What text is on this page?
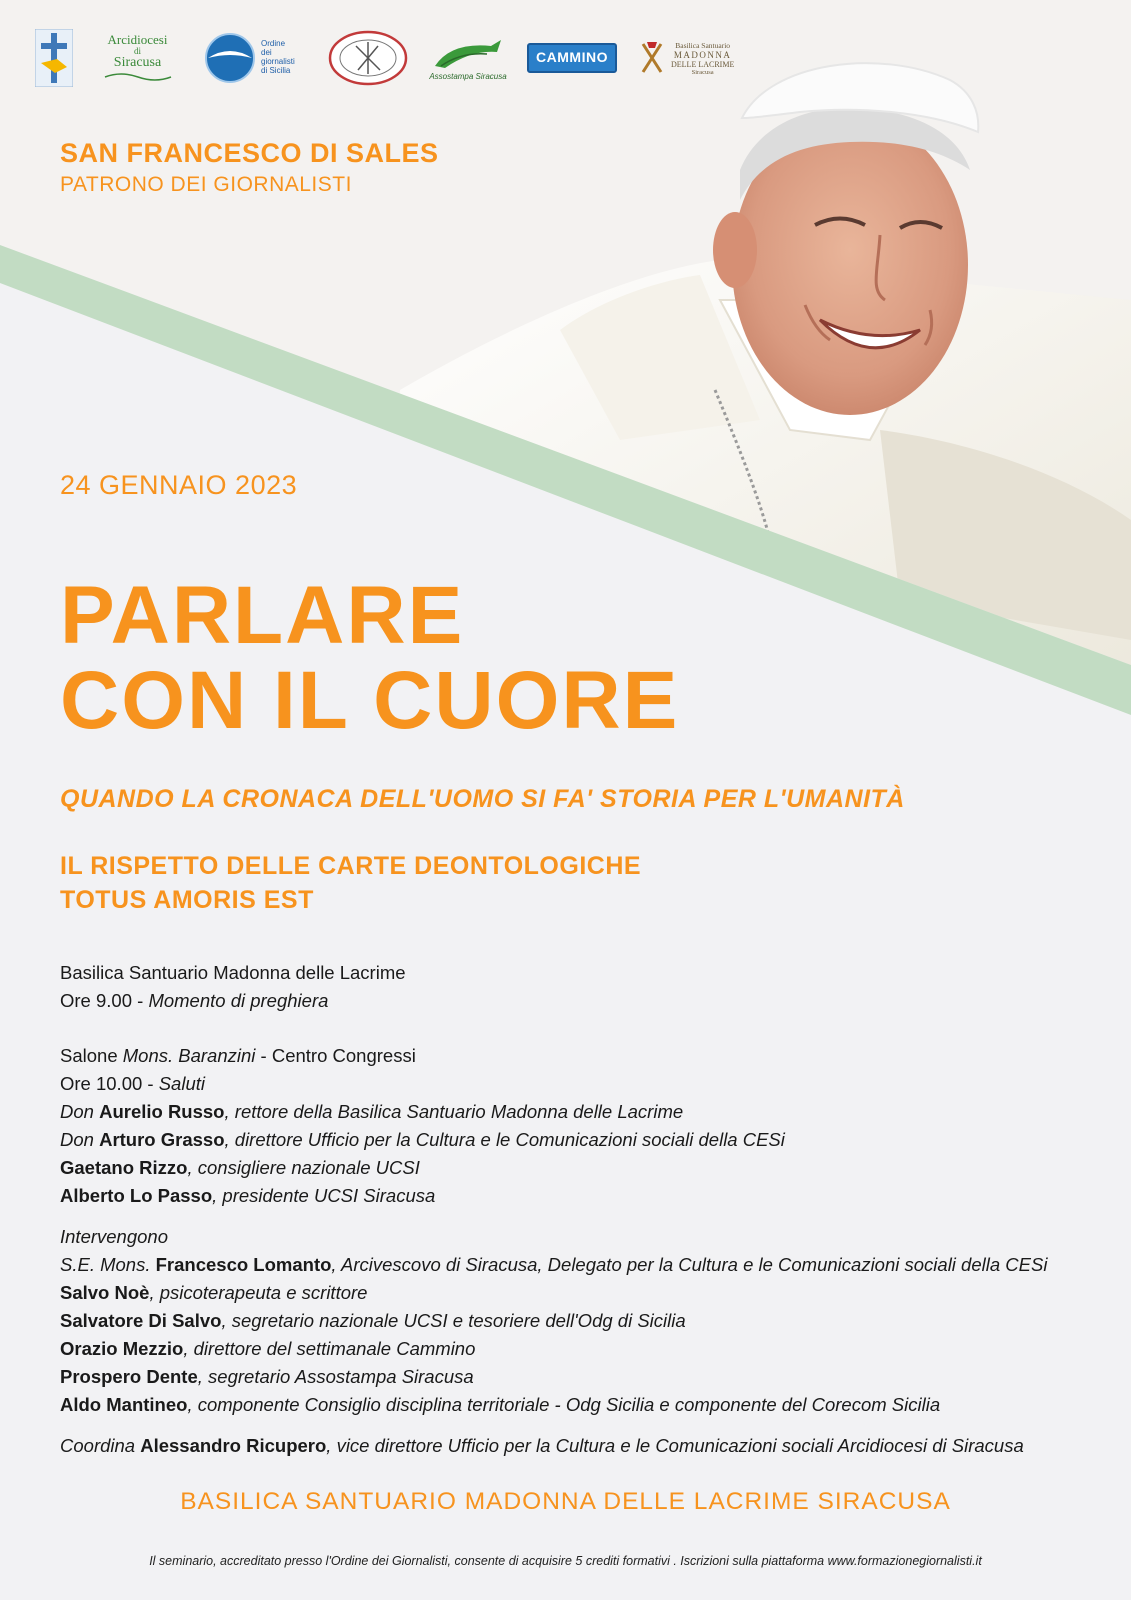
Arcidiocesi
di
Siracusa
Ordine
dei
giornalisti
di Sicilia
Assostampa Siracusa
CAMMINO
Basilica Santuario
MADONNA
DELLE LACRIME
Siracusa
SAN FRANCESCO DI SALES
PATRONO DEI GIORNALISTI
24 GENNAIO 2023
PARLARE
CON IL CUORE
QUANDO LA CRONACA DELL'UOMO SI FA' STORIA PER L'UMANITÀ
IL RISPETTO DELLE CARTE DEONTOLOGICHE
TOTUS AMORIS EST
Basilica Santuario Madonna delle Lacrime
Ore 9.00 - Momento di preghiera
Salone Mons. Baranzini - Centro Congressi
Ore 10.00 - Saluti
Don Aurelio Russo, rettore della Basilica Santuario Madonna delle Lacrime
Don Arturo Grasso, direttore Ufficio per la Cultura e le Comunicazioni sociali della CESi
Gaetano Rizzo, consigliere nazionale UCSI
Alberto Lo Passo, presidente UCSI Siracusa
Intervengono
S.E. Mons. Francesco Lomanto, Arcivescovo di Siracusa, Delegato per la Cultura e le Comunicazioni sociali della CESi
Salvo Noè, psicoterapeuta e scrittore
Salvatore Di Salvo, segretario nazionale UCSI e tesoriere dell'Odg di Sicilia
Orazio Mezzio, direttore del settimanale Cammino
Prospero Dente, segretario Assostampa Siracusa
Aldo Mantineo, componente Consiglio disciplina territoriale - Odg Sicilia e componente del Corecom Sicilia
Coordina Alessandro Ricupero, vice direttore Ufficio per la Cultura e le Comunicazioni sociali Arcidiocesi di Siracusa
BASILICA SANTUARIO MADONNA DELLE LACRIME SIRACUSA
Il seminario, accreditato presso l'Ordine dei Giornalisti, consente di acquisire 5 crediti formativi . Iscrizioni sulla piattaforma www.formazionegiornalisti.it
